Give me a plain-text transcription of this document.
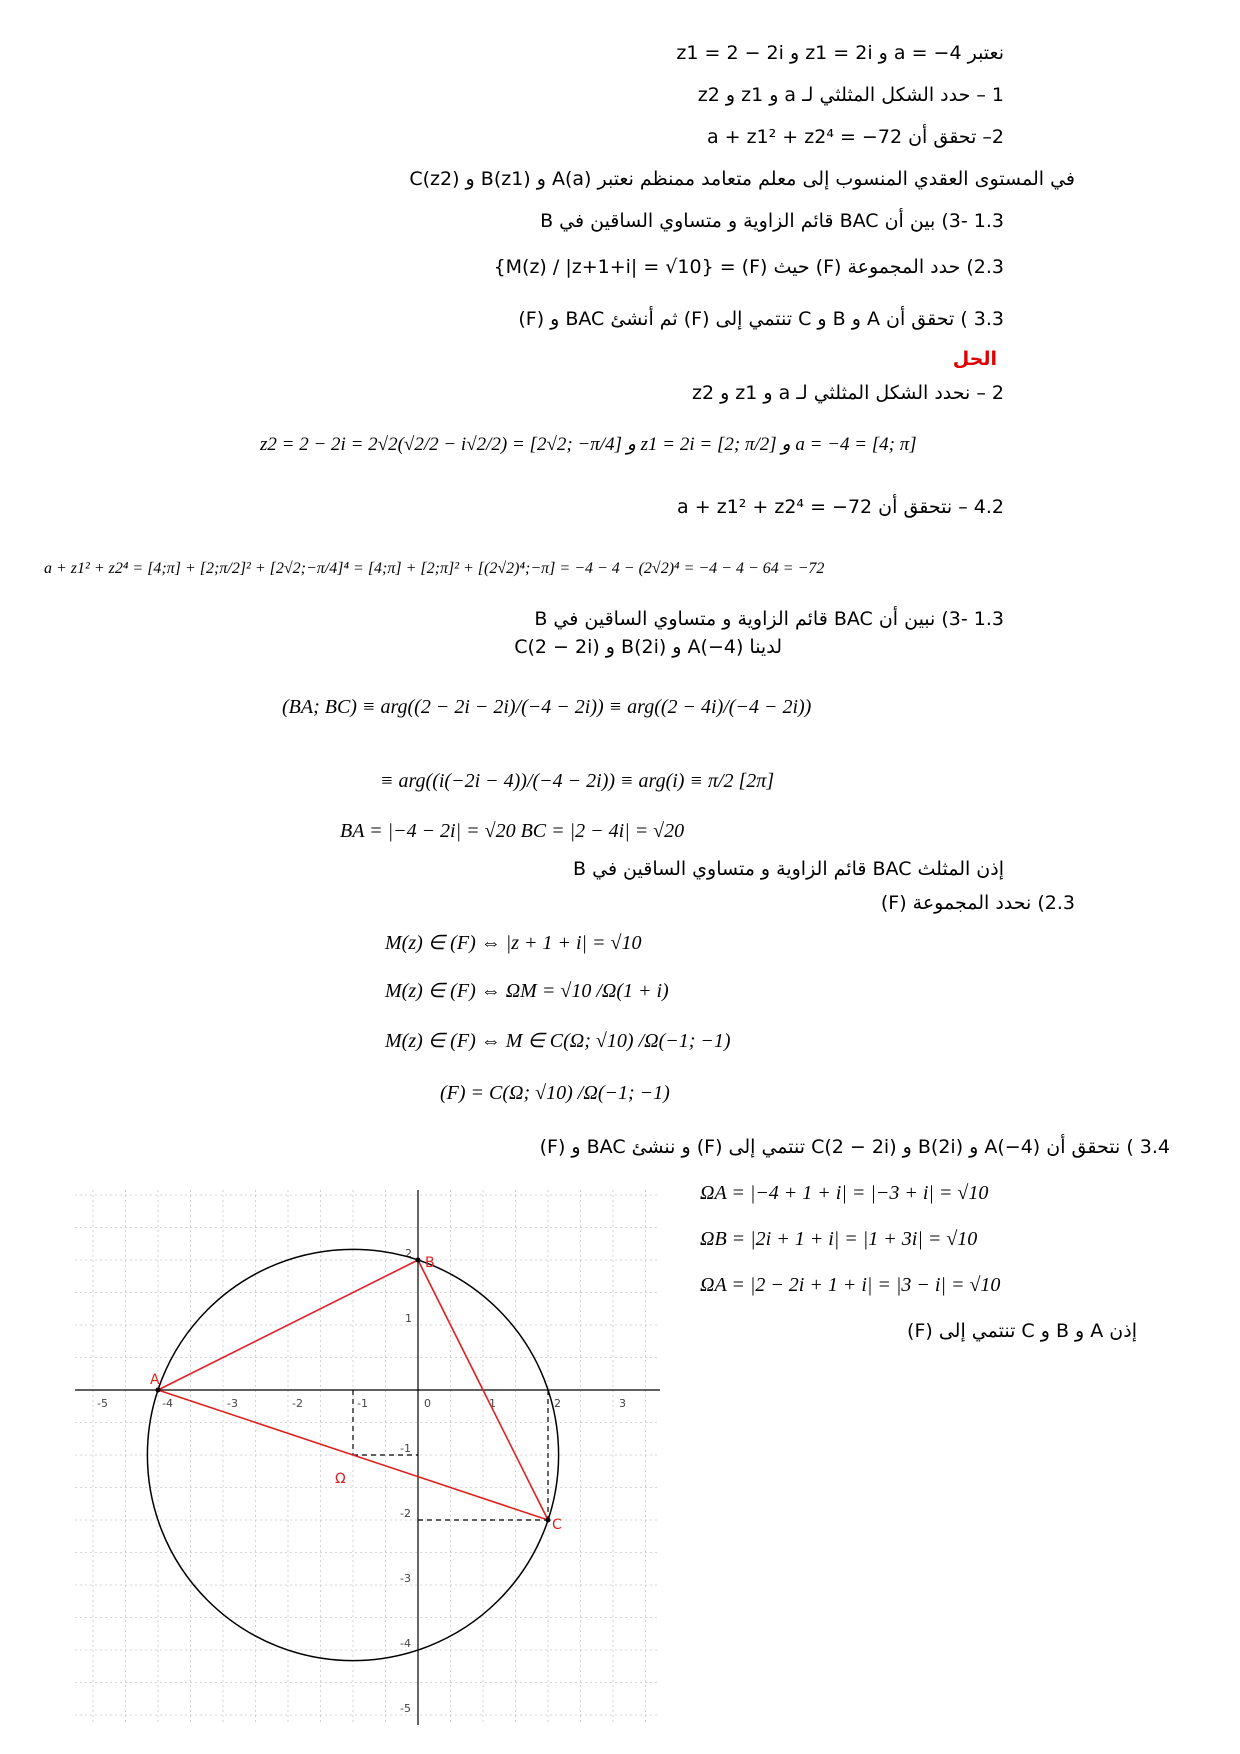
نعتبر a = −4 و z1 = 2i و z1 = 2 − 2i
1 – حدد الشكل المثلثي لـ a و z1 و z2
2– تحقق أن a + z1² + z2⁴ = −72
في المستوى العقدي المنسوب إلى معلم متعامد ممنظم نعتبر A(a) و B(z1) و C(z2)
1.3 -3) بين أن BAC قائم الزاوية و متساوي الساقين في B
2.3) حدد المجموعة (F) حيث (F) = {M(z) / |z+1+i| = √10}
3.3 ) تحقق أن A و B و C تنتمي إلى (F) ثم أنشئ BAC و (F)
الحل
2 – نحدد الشكل المثلثي لـ a و z1 و z2
z2 = 2 − 2i = 2√2(√2/2 − i√2/2) = [2√2; −π/4] و z1 = 2i = [2; π/2] و a = −4 = [4; π]
4.2 – نتحقق أن a + z1² + z2⁴ = −72
a + z1² + z2⁴ = [4;π] + [2;π/2]² + [2√2;−π/4]⁴ = [4;π] + [2;π]² + [(2√2)⁴;−π] = −4 − 4 − (2√2)⁴ = −4 − 4 − 64 = −72
1.3 -3) نبين أن BAC قائم الزاوية و متساوي الساقين في B
لدينا A(−4) و B(2i) و C(2 − 2i)
(BA; BC) ≡ arg((2 − 2i − 2i)/(−4 − 2i)) ≡ arg((2 − 4i)/(−4 − 2i))
≡ arg((i(−2i − 4))/(−4 − 2i)) ≡ arg(i) ≡ π/2 [2π]
BA = |−4 − 2i| = √20 BC = |2 − 4i| = √20
إذن المثلث BAC قائم الزاوية و متساوي الساقين في B
2.3) نحدد المجموعة (F)
M(z) ∈ (F) ⇔ |z + 1 + i| = √10
M(z) ∈ (F) ⇔ ΩM = √10 /Ω(1 + i)
M(z) ∈ (F) ⇔ M ∈ C(Ω; √10) /Ω(−1; −1)
(F) = C(Ω; √10) /Ω(−1; −1)
3.4 ) نتحقق أن A(−4) و B(2i) و C(2 − 2i) تنتمي إلى (F) و ننشئ BAC و (F)
ΩA = |−4 + 1 + i| = |−3 + i| = √10
ΩB = |2i + 1 + i| = |1 + 3i| = √10
ΩA = |2 − 2i + 1 + i| = |3 − i| = √10
إذن A و B و C تنتمي إلى (F)
-5	-4	-3	-2	-1	0	1	2	3
2
1
-1
-2
-3
-4
-5
A
B
C
Ω
